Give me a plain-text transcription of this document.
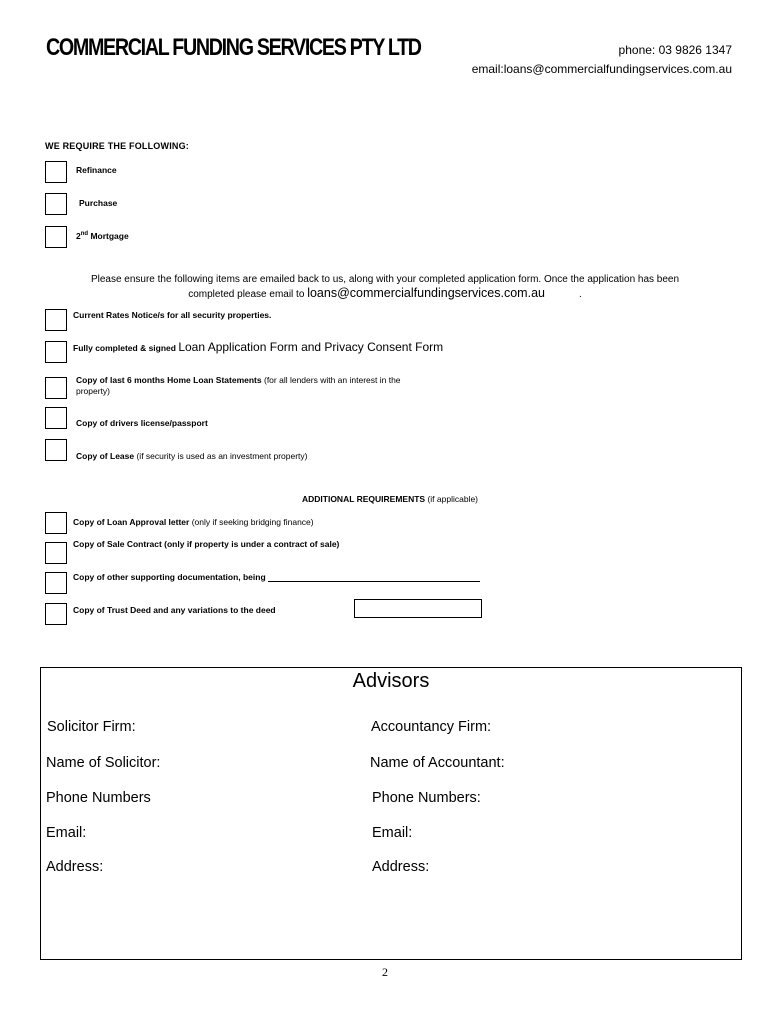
COMMERCIAL FUNDING SERVICES PTY LTD	phone: 03 9826 1347
email:loans@commercialfundingservices.com.au
WE REQUIRE THE FOLLOWING:
Refinance
Purchase
2nd Mortgage
Please ensure the following items are emailed back to us, along with your completed application form. Once the application has been
completed please email to loans@commercialfundingservices.com.au	.
Current Rates Notice/s for all security properties.
Fully completed & signed Loan Application Form and Privacy Consent Form
Copy of last 6 months Home Loan Statements (for all lenders with an interest in the
property)
Copy of drivers license/passport
Copy of Lease (if security is used as an investment property)
ADDITIONAL REQUIREMENTS (if applicable)
Copy of Loan Approval letter (only if seeking bridging finance)
Copy of Sale Contract (only if property is under a contract of sale)
Copy of other supporting documentation, being
Copy of Trust Deed and any variations to the deed
Advisors
Solicitor Firm:
Name of Solicitor:
Phone Numbers
Email:
Address:
Accountancy Firm:
Name of Accountant:
Phone Numbers:
Email:
Address:
2
